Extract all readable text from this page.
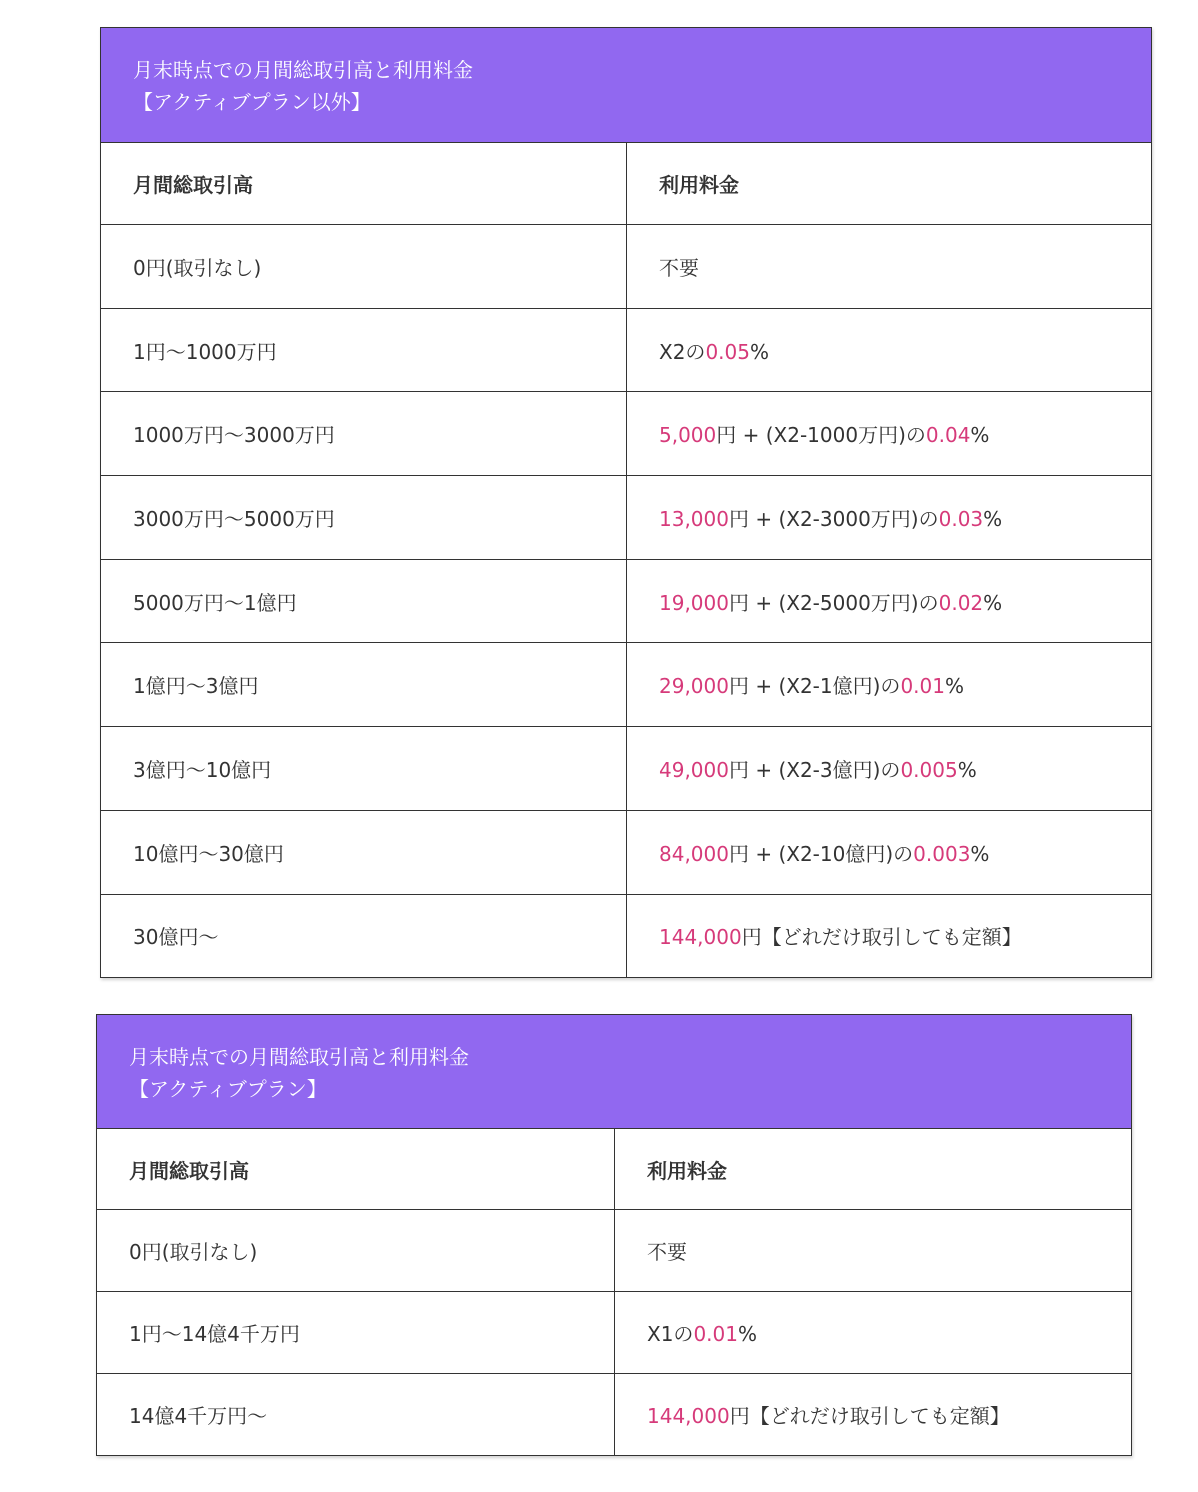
月末時点での月間総取引高と利用料金
【アクティブプラン以外】	

月間総取引高	利用料金
0円(取引なし)	不要
1円〜1000万円	X2の0.05%
1000万円〜3000万円	5,000円 + (X2-1000万円)の0.04%
3000万円〜5000万円	13,000円 + (X2-3000万円)の0.03%
5000万円〜1億円	19,000円 + (X2-5000万円)の0.02%
1億円〜3億円	29,000円 + (X2-1億円)の0.01%
3億円〜10億円	49,000円 + (X2-3億円)の0.005%
10億円〜30億円	84,000円 + (X2-10億円)の0.003%
30億円〜	144,000円【どれだけ取引しても定額】
月末時点での月間総取引高と利用料金
【アクティブプラン】	

月間総取引高	利用料金
0円(取引なし)	不要
1円〜14億4千万円	X1の0.01%
14億4千万円〜	144,000円【どれだけ取引しても定額】
